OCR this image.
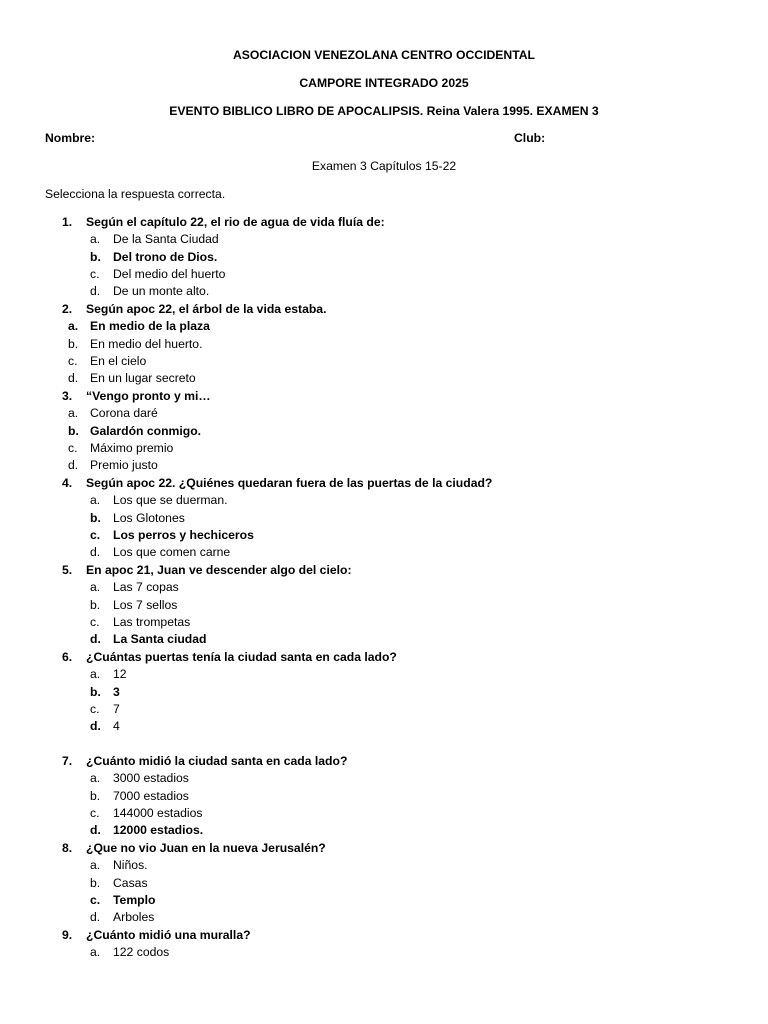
ASOCIACION VENEZOLANA CENTRO OCCIDENTAL
CAMPORE INTEGRADO 2025
EVENTO BIBLICO LIBRO DE APOCALIPSIS. Reina Valera 1995. EXAMEN 3
Nombre:	Club:
Examen 3 Capítulos 15-22
Selecciona la respuesta correcta.
1.	Según el capítulo 22, el rio de agua de vida fluía de:
a.	De la Santa Ciudad
b. Del trono de Dios.
c.	Del medio del huerto
d.	De un monte alto.
2.	Según apoc 22, el árbol de la vida estaba.
a. En medio de la plaza
b. En medio del huerto.
c.	En el cielo
d. En un lugar secreto
3.	“Vengo pronto y mi…
a. Corona daré
b. Galardón conmigo.
c.	Máximo premio
d. Premio justo
4.	Según apoc 22. ¿Quiénes quedaran fuera de las puertas de la ciudad?
a.	Los que se duerman.
b. Los Glotones
c.	Los perros y hechiceros
d.	Los que comen carne
5.	En apoc 21, Juan ve descender algo del cielo:
a.	Las 7 copas
b.	Los 7 sellos
c.	Las trompetas
d. La Santa ciudad
6.	¿Cuántas puertas tenía la ciudad santa en cada lado?
a.	12
b. 3
c.	7
d. 4
7.	¿Cuánto midió la ciudad santa en cada lado?
a.	3000 estadios
b.	7000 estadios
c.	144000 estadios
d. 12000 estadios.
8.	¿Que no vio Juan en la nueva Jerusalén?
a.	Niños.
b.	Casas
c.	Templo
d.	Arboles
9.	¿Cuánto midió una muralla?
a.	122 codos
